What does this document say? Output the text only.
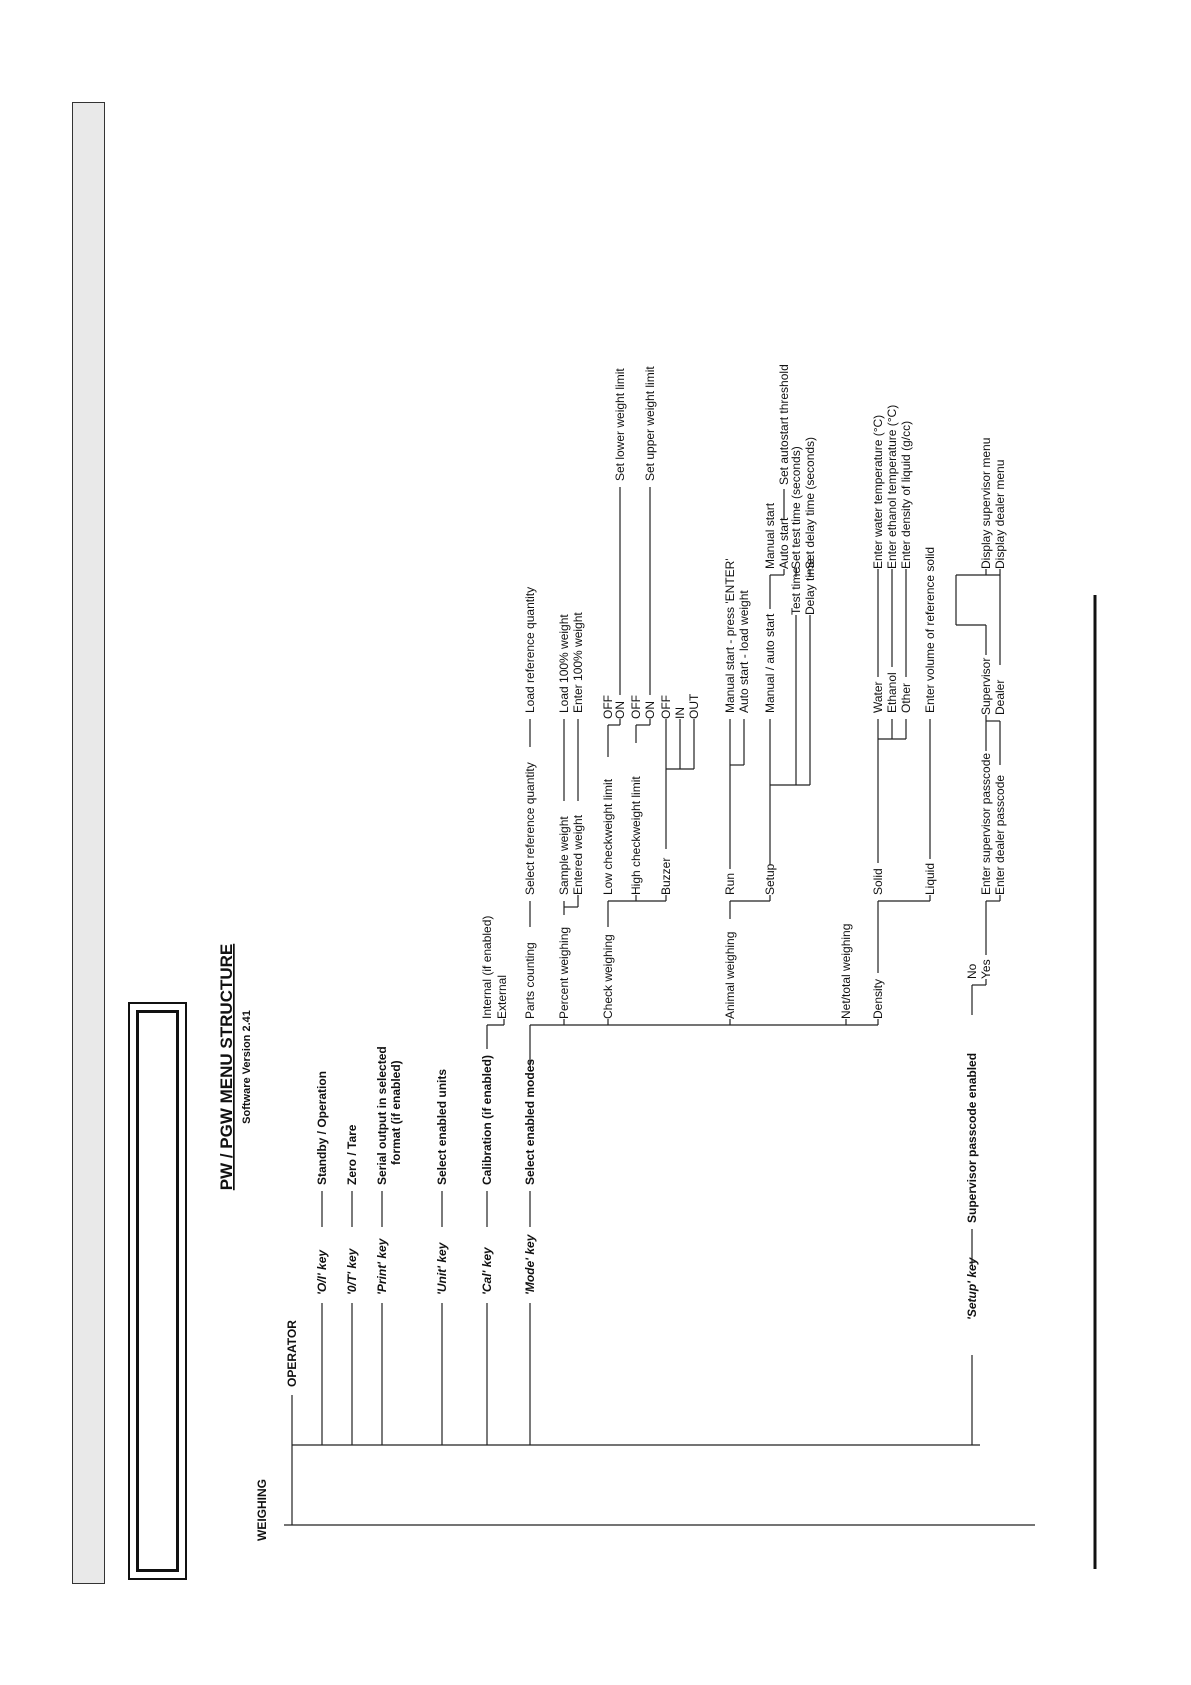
PW / PGW MENU STRUCTURE Software Version 2.41
WEIGHING
OPERATOR
'O/I' key '0/T' key 'Print' key	'Unit' key	'Cal' key 'Mode' key	'Setup' key
Standby / Operation Zero / Tare Serial output in selected format (if enabled)	Select enabled units	Calibration (if enabled) Select enabled modes	Supervisor passcode enabled
Internal (if enabled) External Parts counting Percent weighing	Check weighing	Animal weighing	Net/total weighing Density
Select reference quantity
Load reference quantity
Sample weight Entered weight
Load 100% weight Enter 100% weight
Low checkweight limit High checkweight limit Buzzer
OFF
ON OFF ON OFF IN OUT
Set lower weight limit Set upper weight limit
Run Setup
Manual start - press 'ENTER' Auto start - load weight Manual / auto start
Test time Delay time
Manual start Auto start
Set autostart threshold
Set test time (seconds) Set delay time (seconds)
Solid	Liquid
Water Ethanol Other
Enter water temperature (°C) Enter ethanol temperature (°C) Enter density of liquid (g/cc)
Enter volume of reference solid
No Yes
Enter supervisor passcode Enter dealer passcode
Supervisor Dealer
Display supervisor menu Display dealer menu
